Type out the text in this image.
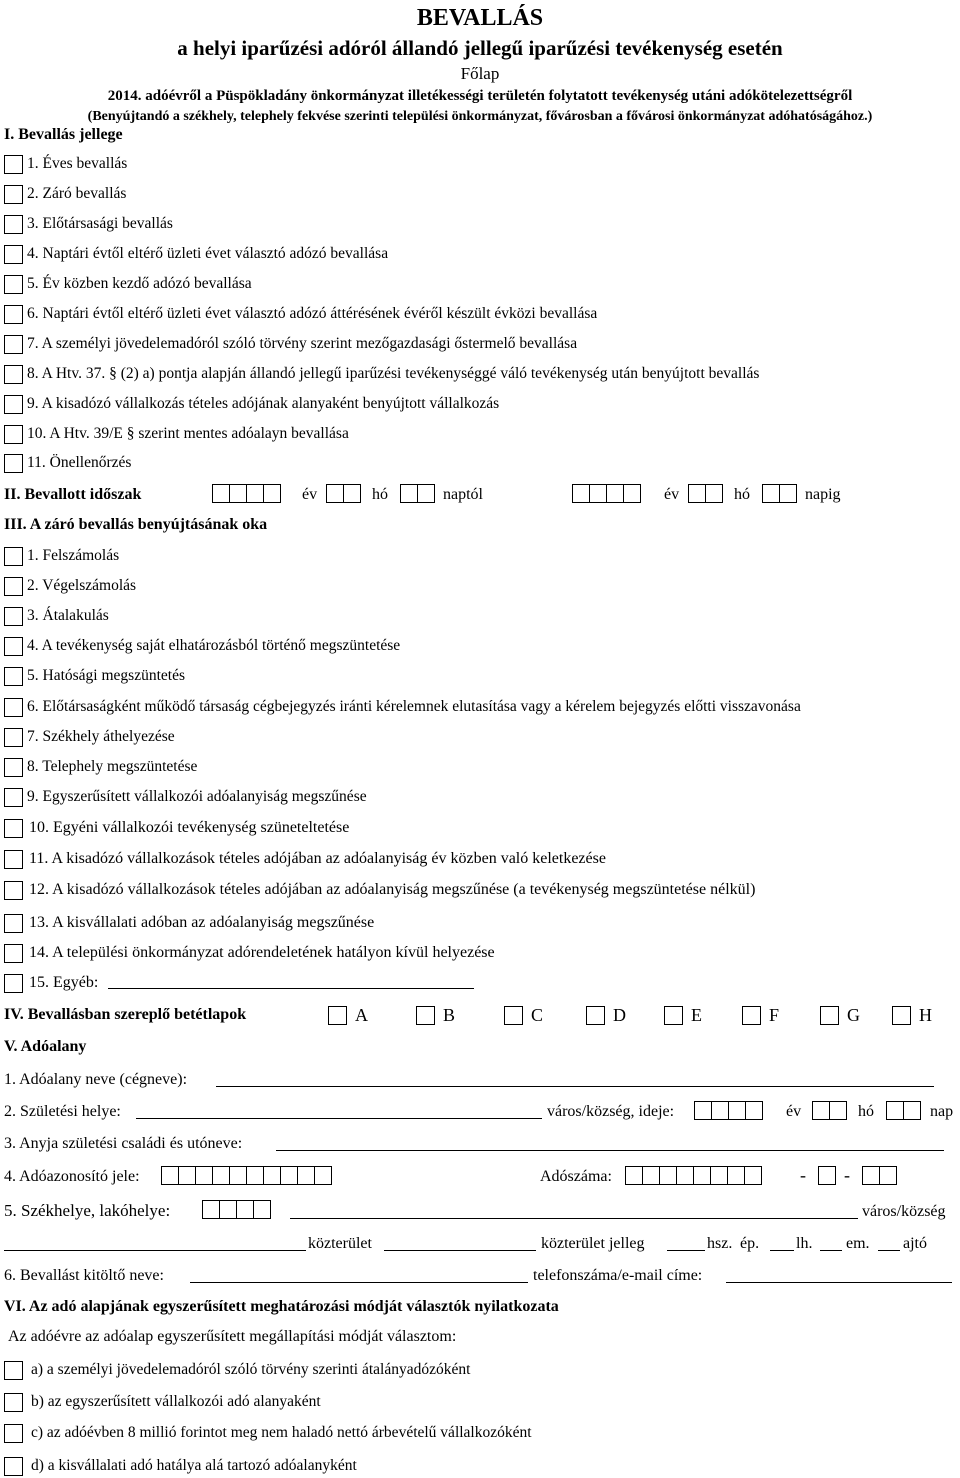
BEVALLÁS
a helyi iparűzési adóról állandó jellegű iparűzési tevékenység esetén
Főlap
2014. adóévről a Püspökladány önkormányzat illetékességi területén folytatott tevékenység utáni adókötelezettségről
(Benyújtandó a székhely, telephely fekvése szerinti települési önkormányzat, fővárosban a fővárosi önkormányzat adóhatóságához.)
I. Bevallás jellege
1. Éves bevallás
2. Záró bevallás
3. Előtársasági bevallás
4. Naptári évtől eltérő üzleti évet választó adózó bevallása
5. Év közben kezdő adózó bevallása
6. Naptári évtől eltérő üzleti évet választó adózó áttérésének évéről készült évközi bevallása
7. A személyi jövedelemadóról szóló törvény szerint mezőgazdasági őstermelő bevallása
8. A Htv. 37. § (2) a) pontja alapján állandó jellegű iparűzési tevékenységgé váló tevékenység után benyújtott bevallás
9. A kisadózó vállalkozás tételes adójának alanyaként benyújtott vállalkozás
10. A Htv. 39/E § szerint mentes adóalayn bevallása
11. Önellenőrzés
II. Bevallott időszak	év	hó	naptól	év	hó	napig
III. A záró bevallás benyújtásának oka
1. Felszámolás
2. Végelszámolás
3. Átalakulás
4. A tevékenység saját elhatározásból történő megszüntetése
5. Hatósági megszüntetés
6. Előtársaságként működő társaság cégbejegyzés iránti kérelemnek elutasítása vagy a kérelem bejegyzés előtti visszavonása
7. Székhely áthelyezése
8. Telephely megszüntetése
9. Egyszerűsített vállalkozói adóalanyiság megszűnése
10. Egyéni vállalkozói tevékenység szüneteltetése
11. A kisadózó vállalkozások tételes adójában az adóalanyiság év közben való keletkezése
12. A kisadózó vállalkozások tételes adójában az adóalanyiság megszűnése (a tevékenység megszüntetése nélkül)
13. A kisvállalati adóban az adóalanyiság megszűnése
14. A települési önkormányzat adórendeletének hatályon kívül helyezése
15. Egyéb:
IV. Bevallásban szereplő betétlapok	A	B	C	D	E	F	G	H
V. Adóalany
1. Adóalany neve (cégneve):
2. Születési helye:	város/község, ideje:	év	hó	nap
3. Anyja születési családi és utóneve:
4. Adóazonosító jele:	Adószáma:	- -
5. Székhelye, lakóhelye:	város/község
közterület	közterület jelleg	hsz. ép. lh. em. ajtó
6. Bevallást kitöltő neve:	telefonszáma/e-mail címe:
VI. Az adó alapjának egyszerűsített meghatározási módját választók nyilatkozata
Az adóévre az adóalap egyszerűsített megállapítási módját választom:
a) a személyi jövedelemadóról szóló törvény szerinti átalányadózóként
b) az egyszerűsített vállalkozói adó alanyaként
c) az adóévben 8 millió forintot meg nem haladó nettó árbevételű vállalkozóként
d) a kisvállalati adó hatálya alá tartozó adóalanyként
